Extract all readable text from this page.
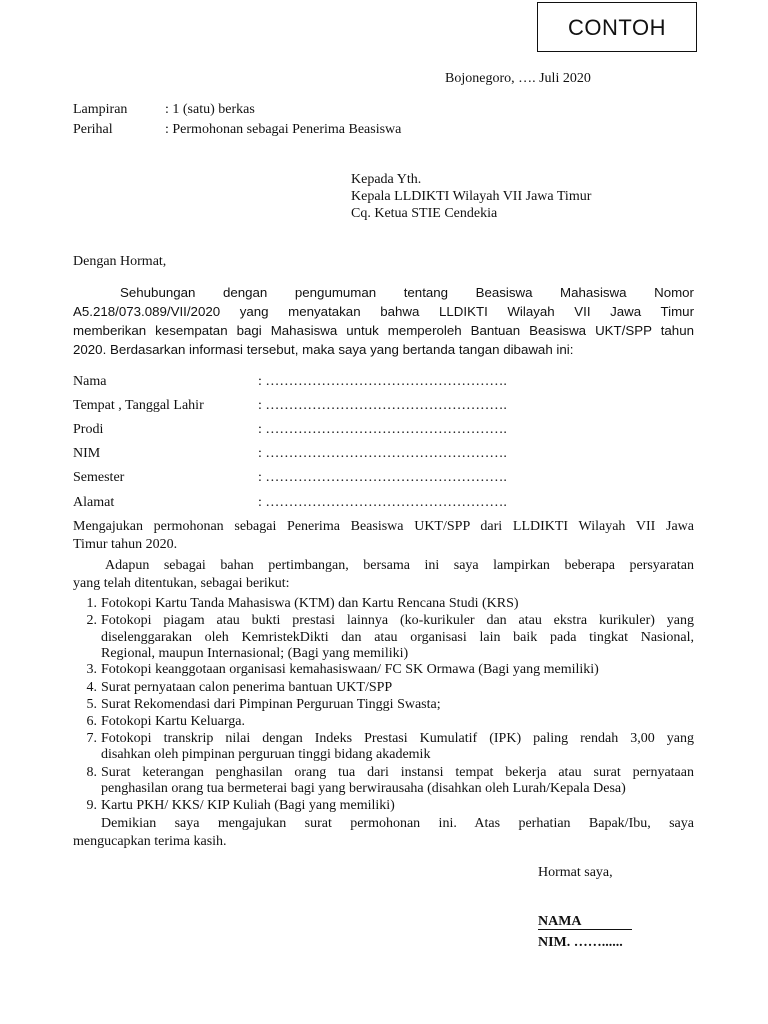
CONTOH
Bojonegoro, …. Juli 2020
Lampiran	: 1 (satu) berkas
Perihal	: Permohonan sebagai Penerima Beasiswa
Kepada Yth.
Kepala LLDIKTI Wilayah VII Jawa Timur
Cq. Ketua STIE Cendekia
Dengan Hormat,
Sehubungan dengan pengumuman tentang Beasiswa Mahasiswa Nomor
A5.218/073.089/VII/2020 yang menyatakan bahwa LLDIKTI Wilayah VII Jawa Timur
memberikan kesempatan bagi Mahasiswa untuk memperoleh Bantuan Beasiswa UKT/SPP tahun
2020. Berdasarkan informasi tersebut, maka saya yang bertanda tangan dibawah ini:
Nama	: …………………………………………….
Tempat , Tanggal Lahir	: …………………………………………….
Prodi	: …………………………………………….
NIM	: …………………………………………….
Semester	: …………………………………………….
Alamat	: …………………………………………….
Mengajukan permohonan sebagai Penerima Beasiswa UKT/SPP dari LLDIKTI Wilayah VII Jawa
Timur tahun 2020.
Adapun sebagai bahan pertimbangan, bersama ini saya lampirkan beberapa persyaratan
yang telah ditentukan, sebagai berikut:
1. Fotokopi Kartu Tanda Mahasiswa (KTM) dan Kartu Rencana Studi (KRS)
2. Fotokopi piagam atau bukti prestasi lainnya (ko-kurikuler dan atau ekstra kurikuler) yang
diselenggarakan oleh KemristekDikti dan atau organisasi lain baik pada tingkat Nasional,
Regional, maupun Internasional; (Bagi yang memiliki)
3. Fotokopi keanggotaan organisasi kemahasiswaan/ FC SK Ormawa (Bagi yang memiliki)
4. Surat pernyataan calon penerima bantuan UKT/SPP
5. Surat Rekomendasi dari Pimpinan Perguruan Tinggi Swasta;
6. Fotokopi Kartu Keluarga.
7. Fotokopi transkrip nilai dengan Indeks Prestasi Kumulatif (IPK) paling rendah 3,00 yang
disahkan oleh pimpinan perguruan tinggi bidang akademik
8. Surat keterangan penghasilan orang tua dari instansi tempat bekerja atau surat pernyataan
penghasilan orang tua bermeterai bagi yang berwirausaha (disahkan oleh Lurah/Kepala Desa)
9. Kartu PKH/ KKS/ KIP Kuliah (Bagi yang memiliki)
Demikian saya mengajukan surat permohonan ini. Atas perhatian Bapak/Ibu, saya
mengucapkan terima kasih.
Hormat saya,
NAMA
NIM. ……......
